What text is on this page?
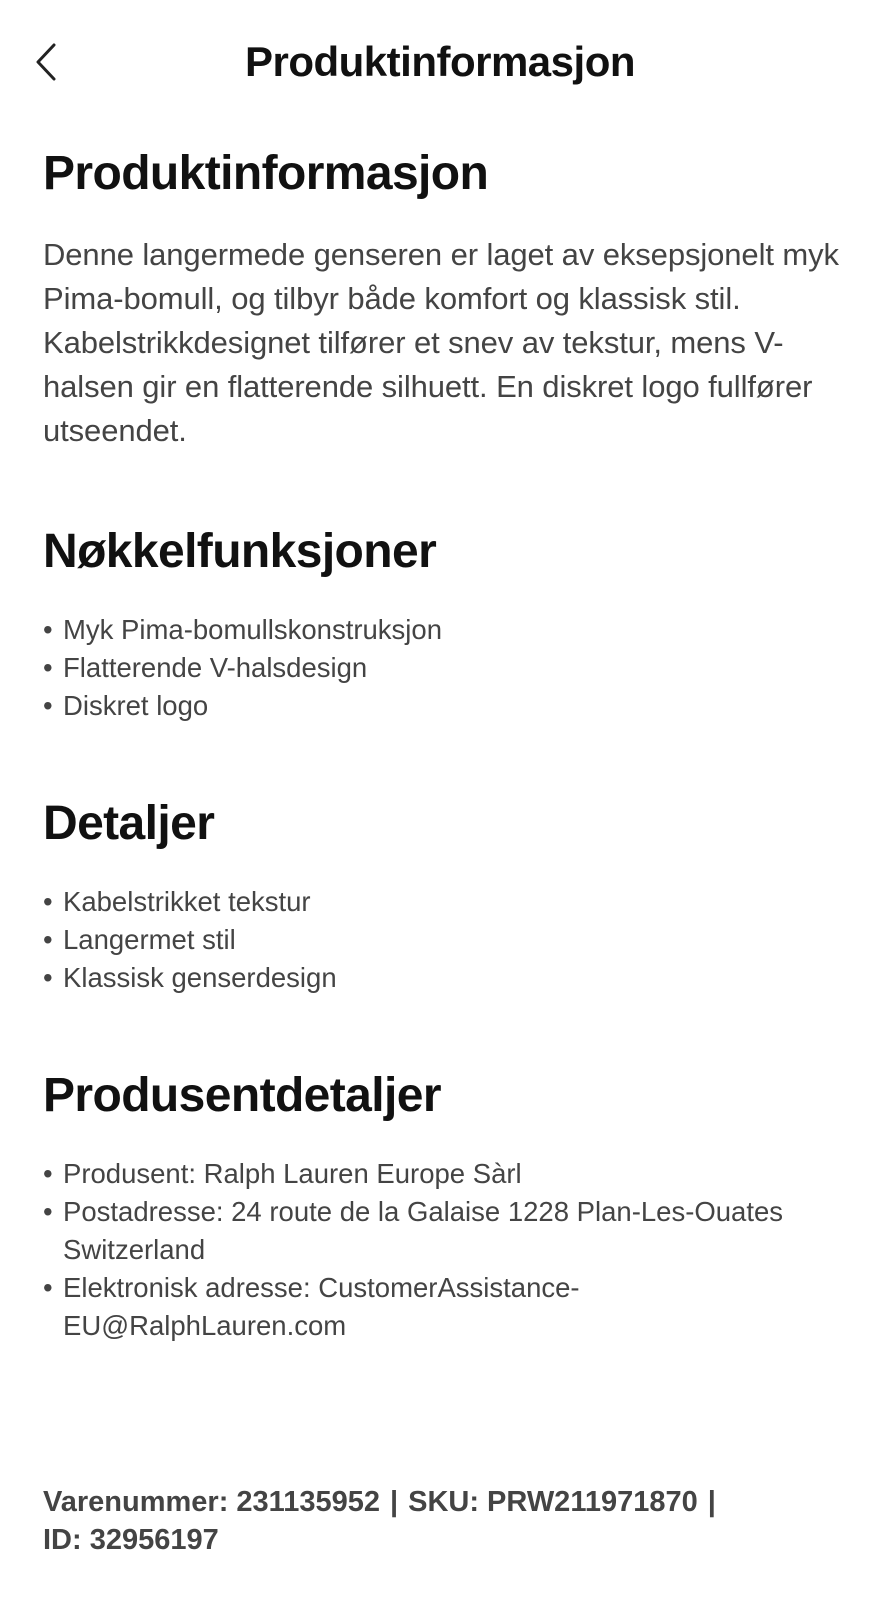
Produktinformasjon
Produktinformasjon

Denne langermede genseren er laget av eksepsjonelt myk Pima-bomull, og tilbyr både komfort og klassisk stil. Kabelstrikkdesignet tilfører et snev av tekstur, mens V-halsen gir en flatterende silhuett. En diskret logo fullfører utseendet.

Nøkkelfunksjoner
• Myk Pima-bomullskonstruksjon
• Flatterende V-halsdesign
• Diskret logo
Detaljer
• Kabelstrikket tekstur
• Langermet stil
• Klassisk genserdesign
Produsentdetaljer
• Produsent: Ralph Lauren Europe Sàrl
• Postadresse: 24 route de la Galaise 1228 Plan-Les-Ouates Switzerland
• Elektronisk adresse: CustomerAssistance-EU@RalphLauren.com
Varenummer: 231135952 | SKU: PRW211971870 |
ID: 32956197
